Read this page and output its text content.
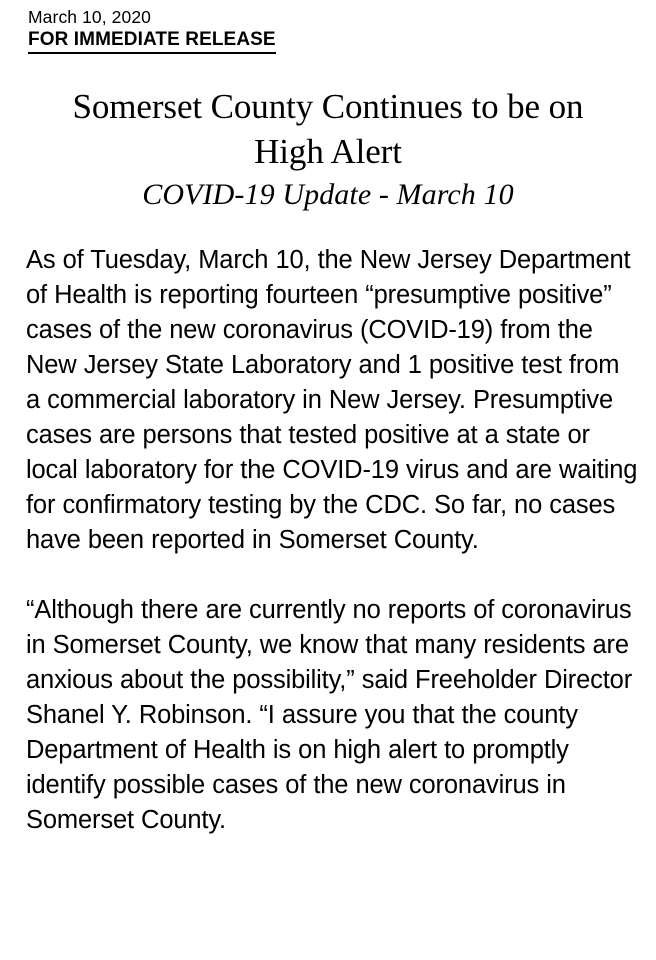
March 10, 2020
FOR IMMEDIATE RELEASE
Somerset County Continues to be on High Alert
COVID-19 Update - March 10

As of Tuesday, March 10, the New Jersey Department of Health is reporting fourteen “presumptive positive” cases of the new coronavirus (COVID-19) from the New Jersey State Laboratory and 1 positive test from a commercial laboratory in New Jersey. Presumptive cases are persons that tested positive at a state or local laboratory for the COVID-19 virus and are waiting for confirmatory testing by the CDC. So far, no cases have been reported in Somerset County.

“Although there are currently no reports of coronavirus in Somerset County, we know that many residents are anxious about the possibility,” said Freeholder Director Shanel Y. Robinson. “I assure you that the county Department of Health is on high alert to promptly identify possible cases of the new coronavirus in Somerset County.
